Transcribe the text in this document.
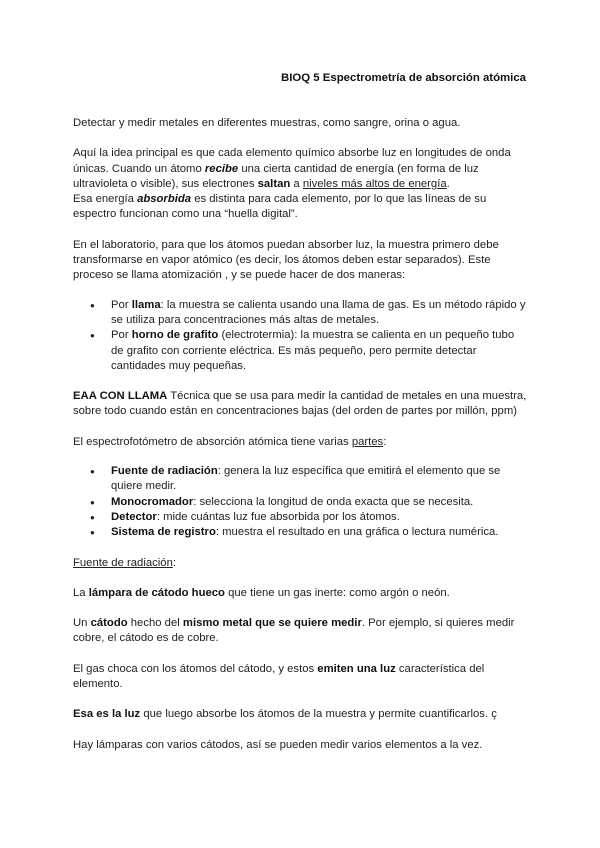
BIOQ 5 Espectrometría de absorción atómica

Detectar y medir metales en diferentes muestras, como sangre, orina o agua.

Aquí la idea principal es que cada elemento químico absorbe luz en longitudes de onda únicas. Cuando un átomo recibe una cierta cantidad de energía (en forma de luz ultravioleta o visible), sus electrones saltan a niveles más altos de energía.
Esa energía absorbida es distinta para cada elemento, por lo que las líneas de su espectro funcionan como una “huella digital”.

En el laboratorio, para que los átomos puedan absorber luz, la muestra primero debe transformarse en vapor atómico (es decir, los átomos deben estar separados). Este proceso se llama atomización , y se puede hacer de dos maneras:

● Por llama: la muestra se calienta usando una llama de gas. Es un método rápido y se utiliza para concentraciones más altas de metales.
● Por horno de grafito (electrotermia): la muestra se calienta en un pequeño tubo de grafito con corriente eléctrica. Es más pequeño, pero permite detectar cantidades muy pequeñas.

EAA CON LLAMA Técnica que se usa para medir la cantidad de metales en una muestra, sobre todo cuando están en concentraciones bajas (del orden de partes por millón, ppm)

El espectrofotómetro de absorción atómica tiene varias partes:

● Fuente de radiación: genera la luz específica que emitirá el elemento que se quiere medir.
● Monocromador: selecciona la longitud de onda exacta que se necesita.
● Detector: mide cuántas luz fue absorbida por los átomos.
● Sistema de registro: muestra el resultado en una gráfica o lectura numérica.

Fuente de radiación:

La lámpara de cátodo hueco que tiene un gas inerte: como argón o neón.

Un cátodo hecho del mismo metal que se quiere medir. Por ejemplo, si quieres medir cobre, el cátodo es de cobre.

El gas choca con los átomos del cátodo, y estos emiten una luz característica del elemento.

Esa es la luz que luego absorbe los átomos de la muestra y permite cuantificarlos. ç

Hay lámparas con varios cátodos, así se pueden medir varios elementos a la vez.
